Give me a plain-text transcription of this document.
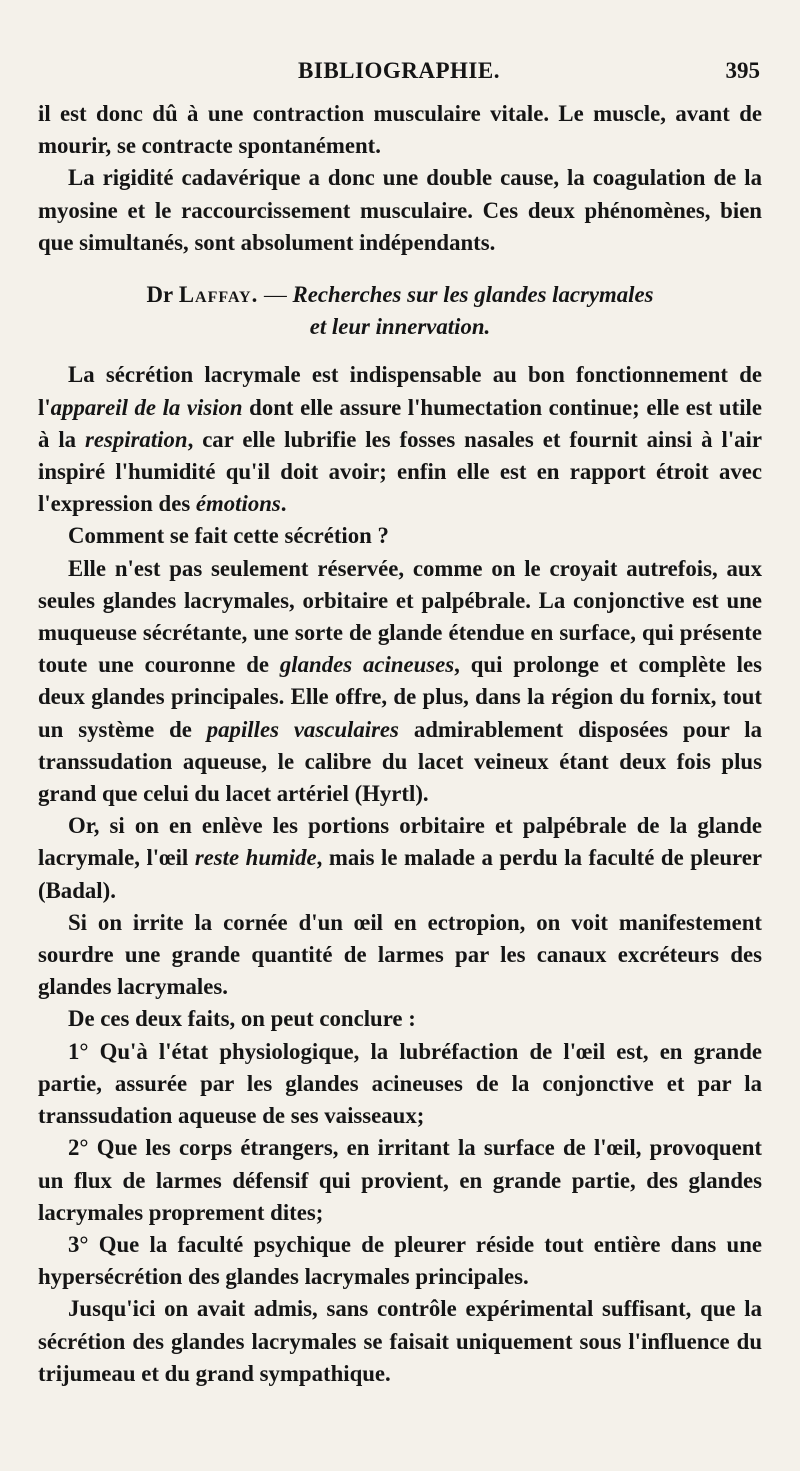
BIBLIOGRAPHIE.	395

il est donc dû à une contraction musculaire vitale. Le muscle, avant de mourir, se contracte spontanément.

La rigidité cadavérique a donc une double cause, la coagulation de la myosine et le raccourcissement musculaire. Ces deux phénomènes, bien que simultanés, sont absolument indépendants.

Dr Laffay. — Recherches sur les glandes lacrymales
et leur innervation.

La sécrétion lacrymale est indispensable au bon fonctionnement de l'appareil de la vision dont elle assure l'humectation continue; elle est utile à la respiration, car elle lubrifie les fosses nasales et fournit ainsi à l'air inspiré l'humidité qu'il doit avoir; enfin elle est en rapport étroit avec l'expression des émotions.

Comment se fait cette sécrétion ?

Elle n'est pas seulement réservée, comme on le croyait autrefois, aux seules glandes lacrymales, orbitaire et palpébrale. La conjonctive est une muqueuse sécrétante, une sorte de glande étendue en surface, qui présente toute une couronne de glandes acineuses, qui prolonge et complète les deux glandes principales. Elle offre, de plus, dans la région du fornix, tout un système de papilles vasculaires admirablement disposées pour la transsudation aqueuse, le calibre du lacet veineux étant deux fois plus grand que celui du lacet artériel (Hyrtl).

Or, si on en enlève les portions orbitaire et palpébrale de la glande lacrymale, l'œil reste humide, mais le malade a perdu la faculté de pleurer (Badal).

Si on irrite la cornée d'un œil en ectropion, on voit manifestement sourdre une grande quantité de larmes par les canaux excréteurs des glandes lacrymales.

De ces deux faits, on peut conclure :

1° Qu'à l'état physiologique, la lubréfaction de l'œil est, en grande partie, assurée par les glandes acineuses de la conjonctive et par la transsudation aqueuse de ses vaisseaux;

2° Que les corps étrangers, en irritant la surface de l'œil, provoquent un flux de larmes défensif qui provient, en grande partie, des glandes lacrymales proprement dites;

3° Que la faculté psychique de pleurer réside tout entière dans une hypersécrétion des glandes lacrymales principales.

Jusqu'ici on avait admis, sans contrôle expérimental suffisant, que la sécrétion des glandes lacrymales se faisait uniquement sous l'influence du trijumeau et du grand sympathique.
